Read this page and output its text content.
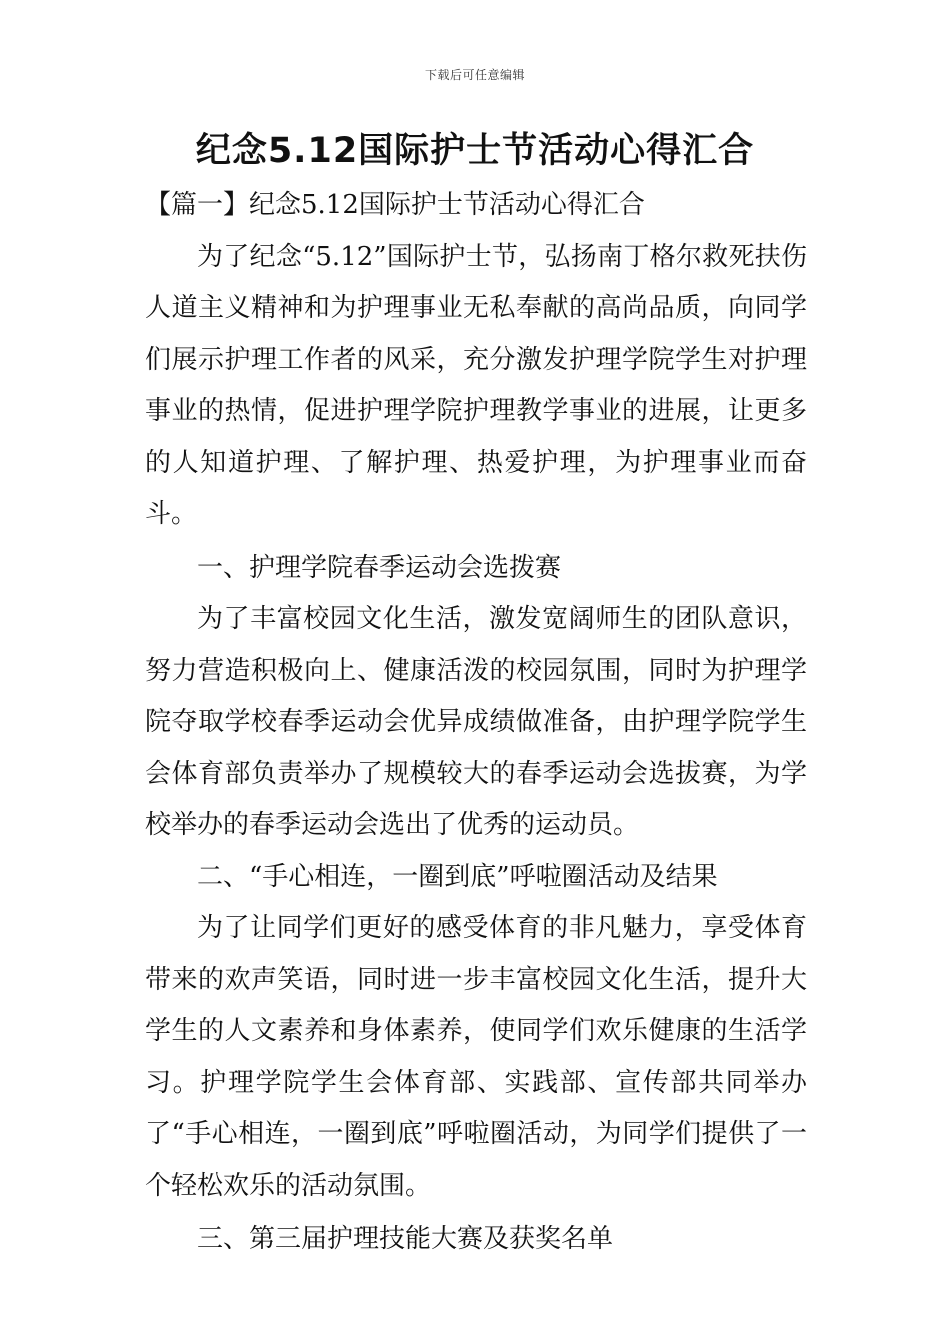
下载后可任意编辑
纪念5.12国际护士节活动心得汇合
【篇一】纪念5.12国际护士节活动心得汇合

为了纪念“5.12”国际护士节，弘扬南丁格尔救死扶伤人道主义精神和为护理事业无私奉献的高尚品质，向同学们展示护理工作者的风采，充分激发护理学院学生对护理事业的热情，促进护理学院护理教学事业的进展，让更多的人知道护理、了解护理、热爱护理，为护理事业而奋斗。

一、护理学院春季运动会选拨赛

为了丰富校园文化生活，激发宽阔师生的团队意识，努力营造积极向上、健康活泼的校园氛围，同时为护理学院夺取学校春季运动会优异成绩做准备，由护理学院学生会体育部负责举办了规模较大的春季运动会选拔赛，为学校举办的春季运动会选出了优秀的运动员。

二、“手心相连，一圈到底”呼啦圈活动及结果

为了让同学们更好的感受体育的非凡魅力，享受体育带来的欢声笑语，同时进一步丰富校园文化生活，提升大学生的人文素养和身体素养，使同学们欢乐健康的生活学习。护理学院学生会体育部、实践部、宣传部共同举办了“手心相连，一圈到底”呼啦圈活动，为同学们提供了一个轻松欢乐的活动氛围。

三、第三届护理技能大赛及获奖名单
